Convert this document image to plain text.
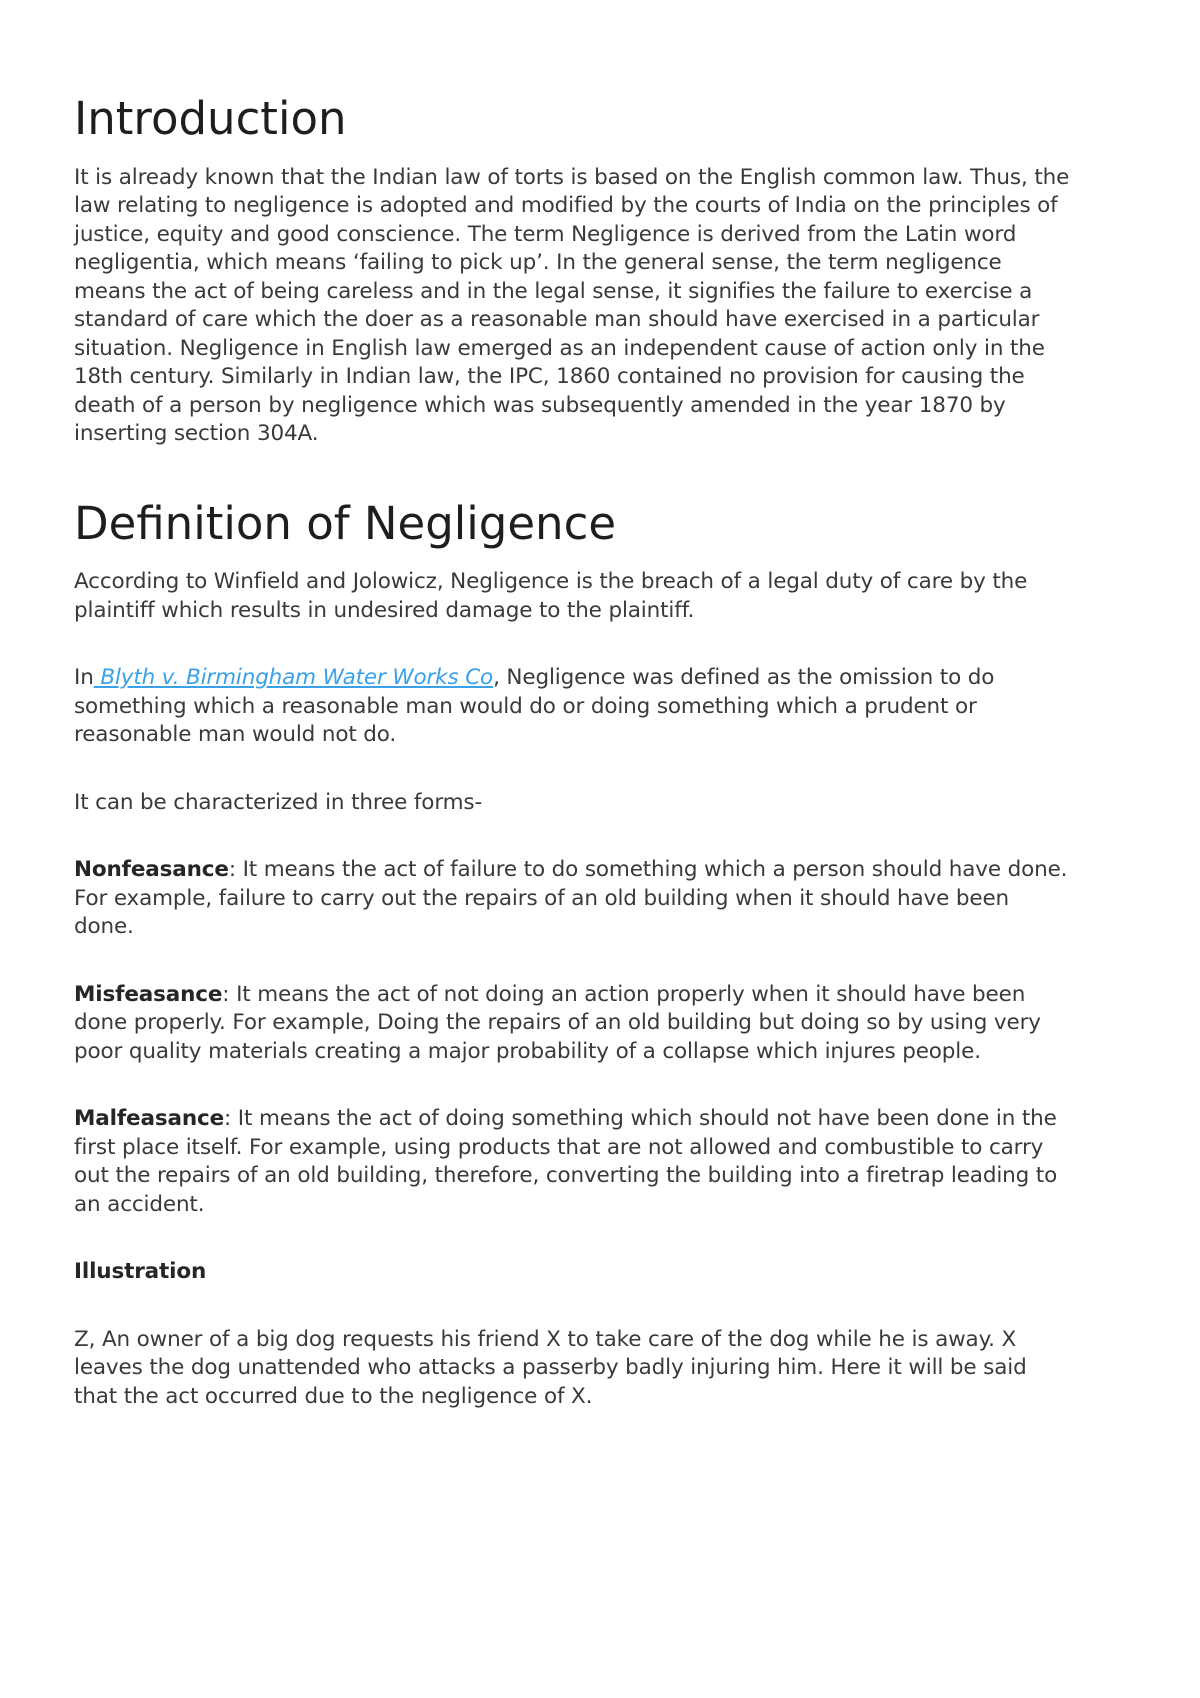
Introduction

It is already known that the Indian law of torts is based on the English common law. Thus, the law relating to negligence is adopted and modified by the courts of India on the principles of justice, equity and good conscience. The term Negligence is derived from the Latin word negligentia, which means ‘failing to pick up’. In the general sense, the term negligence means the act of being careless and in the legal sense, it signifies the failure to exercise a standard of care which the doer as a reasonable man should have exercised in a particular situation. Negligence in English law emerged as an independent cause of action only in the 18th century. Similarly in Indian law, the IPC, 1860 contained no provision for causing the death of a person by negligence which was subsequently amended in the year 1870 by inserting section 304A.

Definition of Negligence

According to Winfield and Jolowicz, Negligence is the breach of a legal duty of care by the plaintiff which results in undesired damage to the plaintiff.

In Blyth v. Birmingham Water Works Co, Negligence was defined as the omission to do something which a reasonable man would do or doing something which a prudent or reasonable man would not do.

It can be characterized in three forms-

Nonfeasance: It means the act of failure to do something which a person should have done. For example, failure to carry out the repairs of an old building when it should have been done.

Misfeasance: It means the act of not doing an action properly when it should have been done properly. For example, Doing the repairs of an old building but doing so by using very poor quality materials creating a major probability of a collapse which injures people.

Malfeasance: It means the act of doing something which should not have been done in the first place itself. For example, using products that are not allowed and combustible to carry out the repairs of an old building, therefore, converting the building into a firetrap leading to an accident.

Illustration

Z, An owner of a big dog requests his friend X to take care of the dog while he is away. X leaves the dog unattended who attacks a passerby badly injuring him. Here it will be said that the act occurred due to the negligence of X.
